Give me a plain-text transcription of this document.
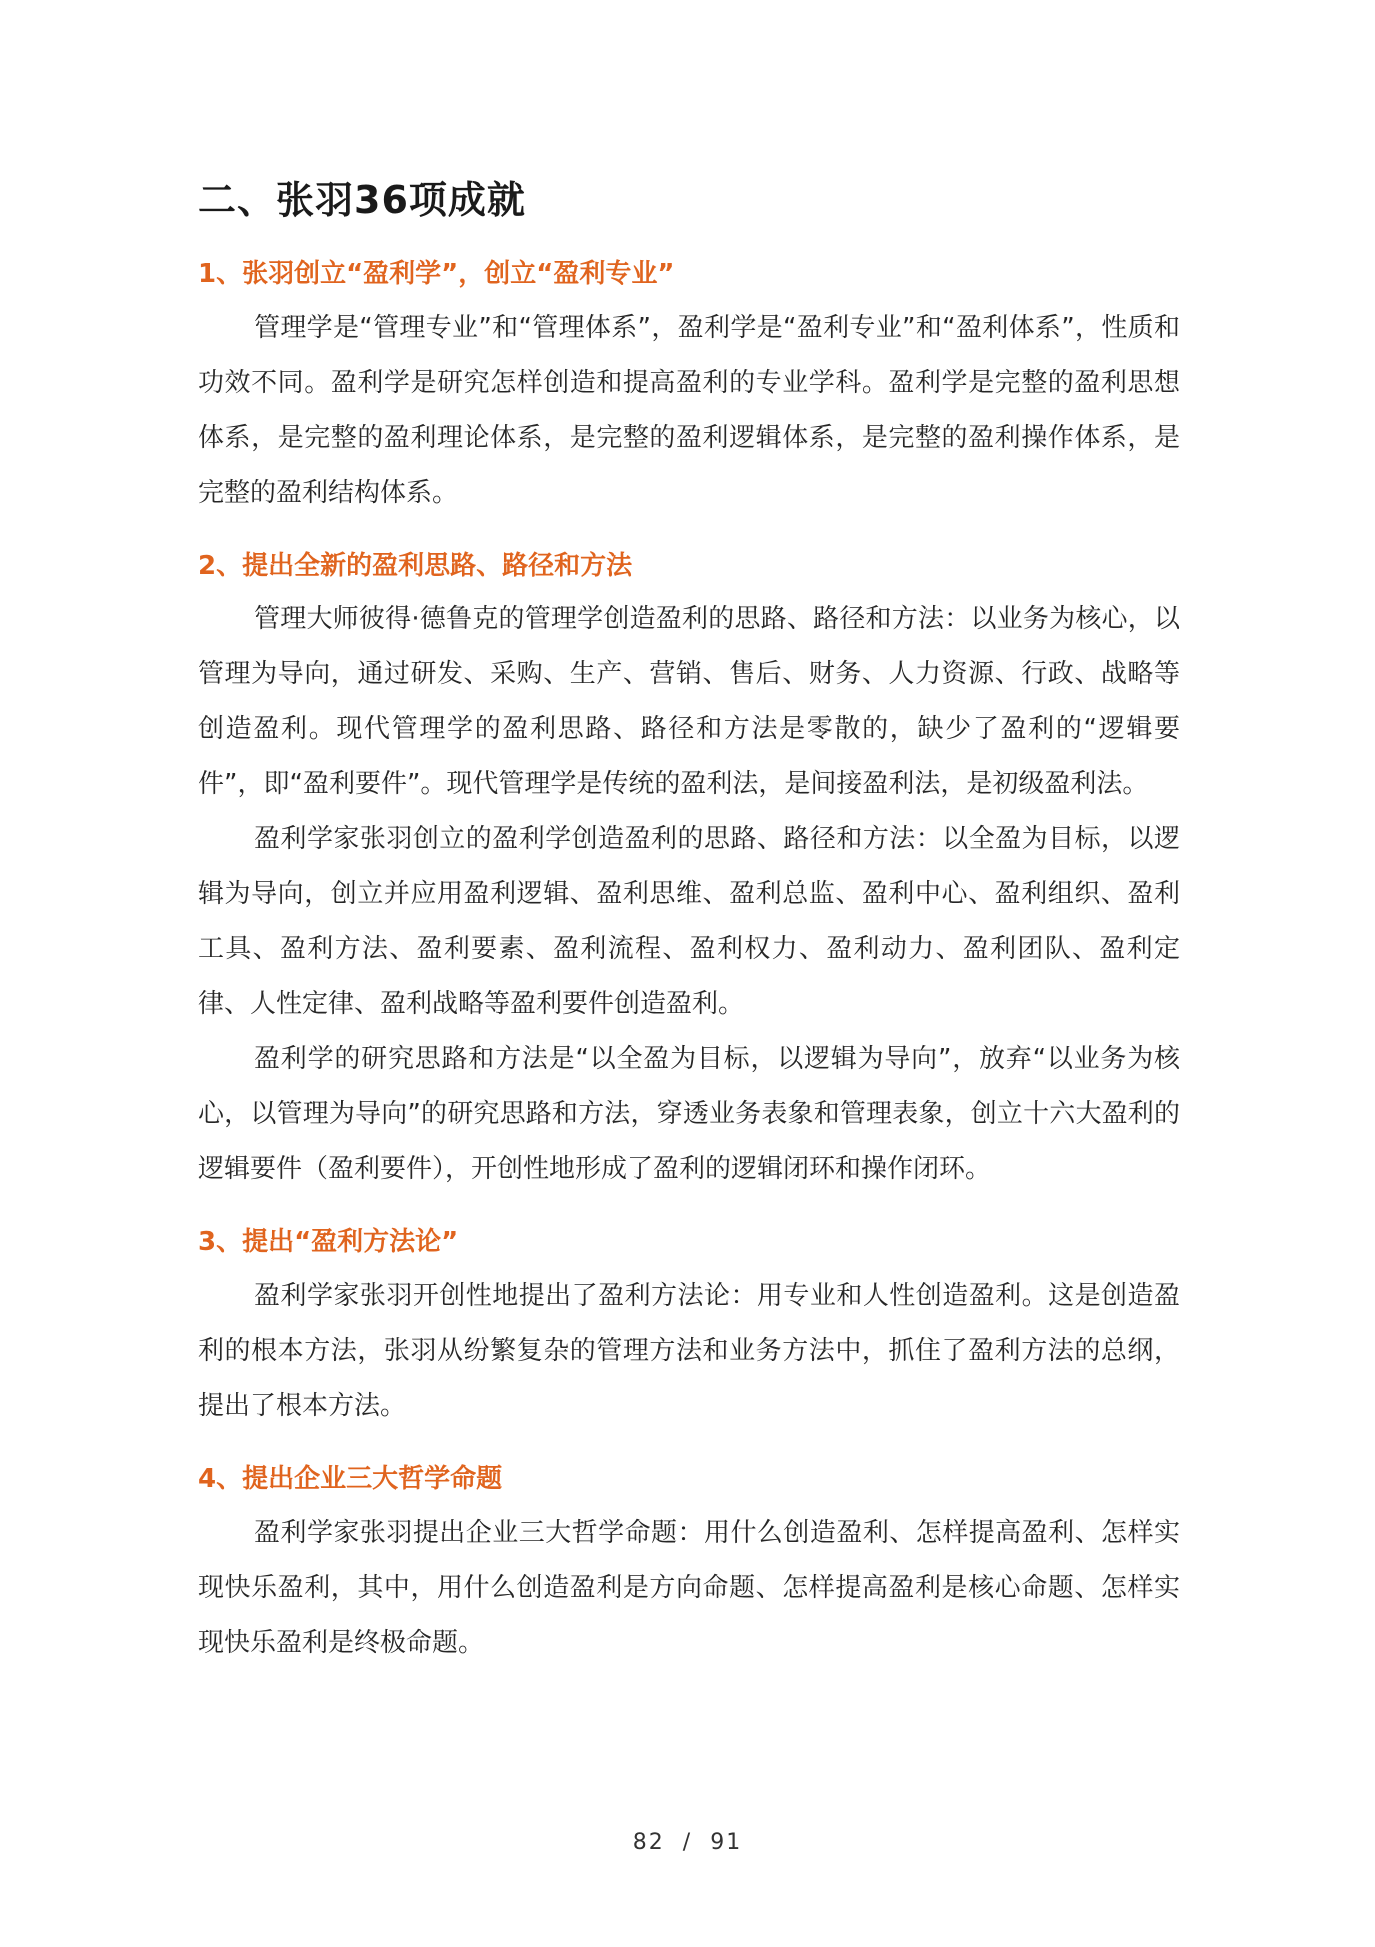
二、张羽36项成就
1、张羽创立“盈利学”，创立“盈利专业”

管理学是“管理专业”和“管理体系”，盈利学是“盈利专业”和“盈利体系”，性质和功效不同。盈利学是研究怎样创造和提高盈利的专业学科。盈利学是完整的盈利思想体系，是完整的盈利理论体系，是完整的盈利逻辑体系，是完整的盈利操作体系，是完整的盈利结构体系。

2、提出全新的盈利思路、路径和方法

管理大师彼得·德鲁克的管理学创造盈利的思路、路径和方法：以业务为核心，以管理为导向，通过研发、采购、生产、营销、售后、财务、人力资源、行政、战略等创造盈利。现代管理学的盈利思路、路径和方法是零散的，缺少了盈利的“逻辑要件”，即“盈利要件”。现代管理学是传统的盈利法，是间接盈利法，是初级盈利法。

盈利学家张羽创立的盈利学创造盈利的思路、路径和方法：以全盈为目标，以逻辑为导向，创立并应用盈利逻辑、盈利思维、盈利总监、盈利中心、盈利组织、盈利工具、盈利方法、盈利要素、盈利流程、盈利权力、盈利动力、盈利团队、盈利定律、人性定律、盈利战略等盈利要件创造盈利。

盈利学的研究思路和方法是“以全盈为目标，以逻辑为导向”，放弃“以业务为核心，以管理为导向”的研究思路和方法，穿透业务表象和管理表象，创立十六大盈利的逻辑要件（盈利要件），开创性地形成了盈利的逻辑闭环和操作闭环。

3、提出“盈利方法论”

盈利学家张羽开创性地提出了盈利方法论：用专业和人性创造盈利。这是创造盈利的根本方法，张羽从纷繁复杂的管理方法和业务方法中，抓住了盈利方法的总纲，提出了根本方法。

4、提出企业三大哲学命题

盈利学家张羽提出企业三大哲学命题：用什么创造盈利、怎样提高盈利、怎样实现快乐盈利，其中，用什么创造盈利是方向命题、怎样提高盈利是核心命题、怎样实现快乐盈利是终极命题。

82 / 91
